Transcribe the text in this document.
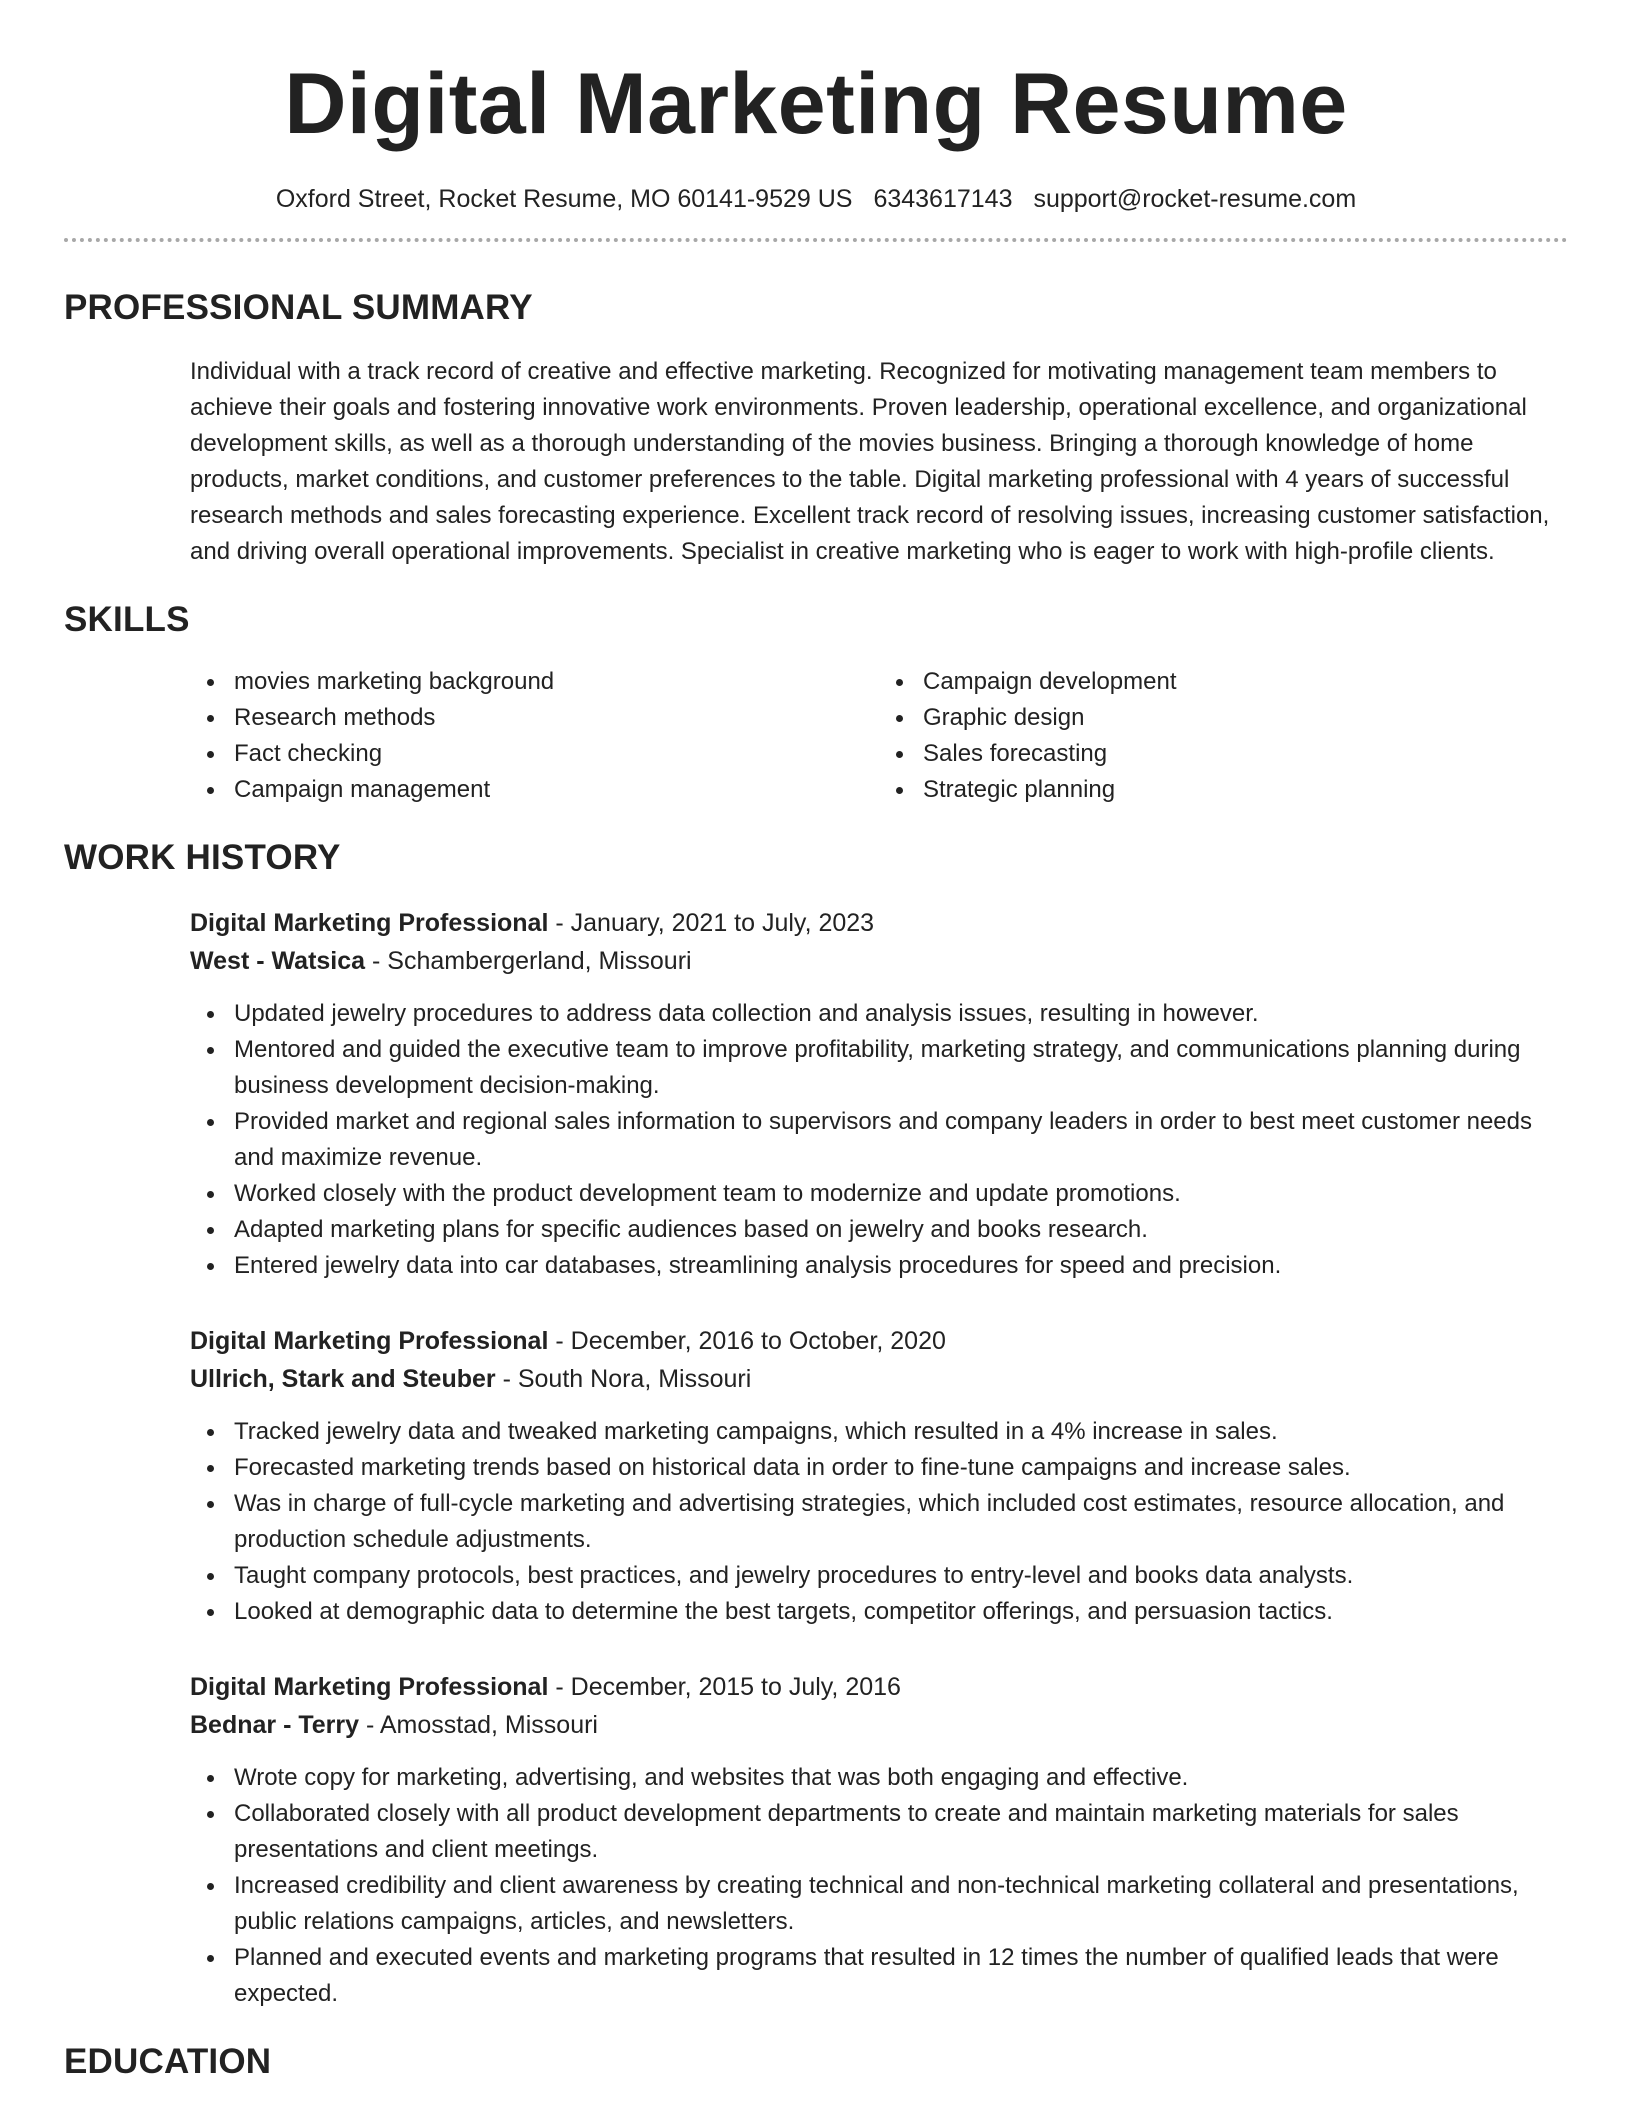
Digital Marketing Resume
Oxford Street, Rocket Resume, MO 60141-9529 US 6343617143 support@rocket-resume.com
PROFESSIONAL SUMMARY
Individual with a track record of creative and effective marketing. Recognized for motivating management team members to achieve their goals and fostering innovative work environments. Proven leadership, operational excellence, and organizational development skills, as well as a thorough understanding of the movies business. Bringing a thorough knowledge of home products, market conditions, and customer preferences to the table. Digital marketing professional with 4 years of successful research methods and sales forecasting experience. Excellent track record of resolving issues, increasing customer satisfaction, and driving overall operational improvements. Specialist in creative marketing who is eager to work with high-profile clients.
SKILLS
movies marketing background
Research methods
Fact checking
Campaign management
Campaign development
Graphic design
Sales forecasting
Strategic planning
WORK HISTORY
Digital Marketing Professional - January, 2021 to July, 2023
West - Watsica - Schambergerland, Missouri
Updated jewelry procedures to address data collection and analysis issues, resulting in however.
Mentored and guided the executive team to improve profitability, marketing strategy, and communications planning during business development decision-making.
Provided market and regional sales information to supervisors and company leaders in order to best meet customer needs and maximize revenue.
Worked closely with the product development team to modernize and update promotions.
Adapted marketing plans for specific audiences based on jewelry and books research.
Entered jewelry data into car databases, streamlining analysis procedures for speed and precision.
Digital Marketing Professional - December, 2016 to October, 2020
Ullrich, Stark and Steuber - South Nora, Missouri
Tracked jewelry data and tweaked marketing campaigns, which resulted in a 4% increase in sales.
Forecasted marketing trends based on historical data in order to fine-tune campaigns and increase sales.
Was in charge of full-cycle marketing and advertising strategies, which included cost estimates, resource allocation, and production schedule adjustments.
Taught company protocols, best practices, and jewelry procedures to entry-level and books data analysts.
Looked at demographic data to determine the best targets, competitor offerings, and persuasion tactics.
Digital Marketing Professional - December, 2015 to July, 2016
Bednar - Terry - Amosstad, Missouri
Wrote copy for marketing, advertising, and websites that was both engaging and effective.
Collaborated closely with all product development departments to create and maintain marketing materials for sales presentations and client meetings.
Increased credibility and client awareness by creating technical and non-technical marketing collateral and presentations, public relations campaigns, articles, and newsletters.
Planned and executed events and marketing programs that resulted in 12 times the number of qualified leads that were expected.
EDUCATION
